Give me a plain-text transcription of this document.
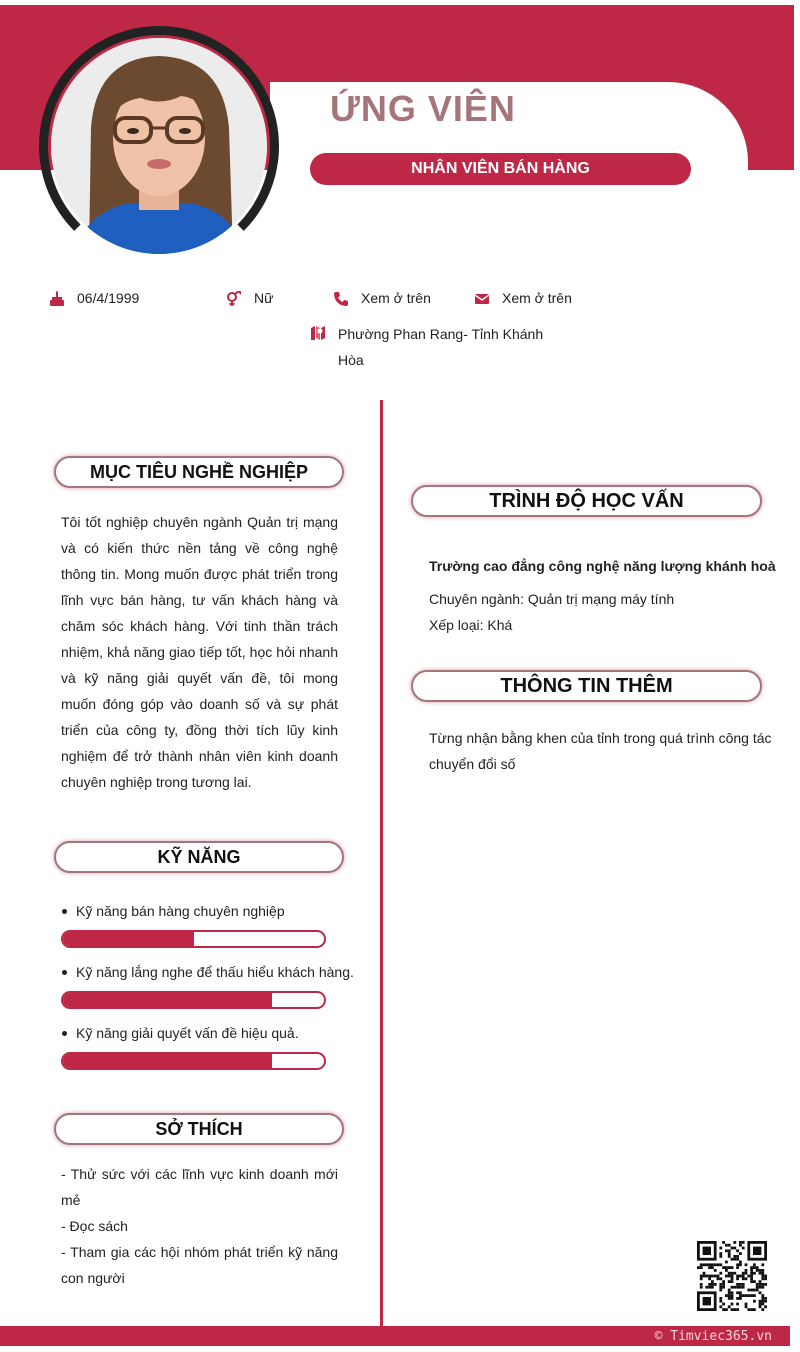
ỨNG VIÊN
NHÂN VIÊN BÁN HÀNG
06/4/1999	Nữ	Xem ở trên	Xem ở trên
Phường Phan Rang- Tỉnh Khánh
Hòa
MỤC TIÊU NGHỀ NGHIỆP
Tôi tốt nghiệp chuyên ngành Quản trị mạng và có kiến thức nền tảng về công nghệ thông tin. Mong muốn được phát triển trong lĩnh vực bán hàng, tư vấn khách hàng và chăm sóc khách hàng. Với tinh thần trách nhiệm, khả năng giao tiếp tốt, học hỏi nhanh và kỹ năng giải quyết vấn đề, tôi mong muốn đóng góp vào doanh số và sự phát triển của công ty, đồng thời tích lũy kinh nghiệm để trở thành nhân viên kinh doanh chuyên nghiệp trong tương lai.
KỸ NĂNG
Kỹ năng bán hàng chuyên nghiệp
Kỹ năng lắng nghe để thấu hiểu khách hàng.
Kỹ năng giải quyết vấn đề hiệu quả.
SỞ THÍCH
- Thử sức với các lĩnh vực kinh doanh mới mẻ
- Đọc sách
- Tham gia các hội nhóm phát triển kỹ năng con người
TRÌNH ĐỘ HỌC VẤN
Trường cao đẳng công nghệ năng lượng khánh hoà
Chuyên ngành: Quản trị mạng máy tính
Xếp loại: Khá
THÔNG TIN THÊM
Từng nhận bằng khen của tỉnh trong quá trình công tác chuyển đổi số
© Timviec365.vn
